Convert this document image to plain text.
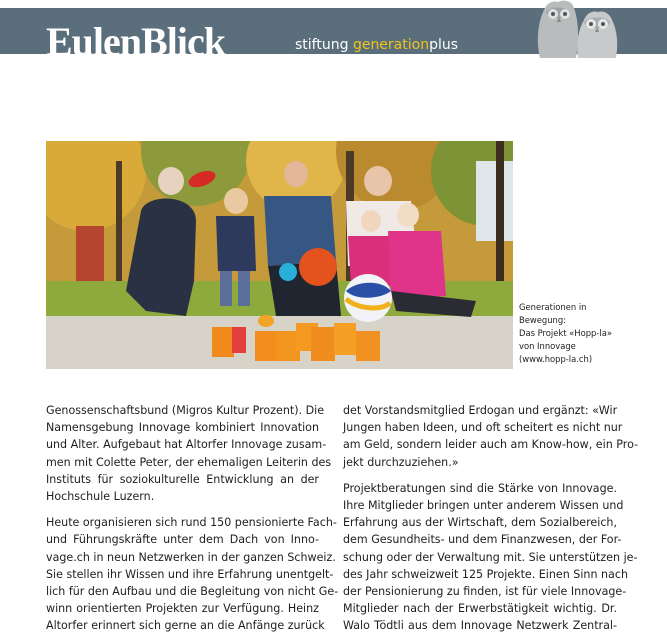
EulenBlick	stiftung generationplus
Generationen in
Bewegung:
Das Projekt «Hopp-la»
von Innovage
(www.hopp-la.ch)

Genossenschaftsbund (Migros Kultur Prozent). Die
Namensgebung Innovage kombiniert Innovation
und Alter. Aufgebaut hat Altorfer Innovage zusam-
men mit Colette Peter, der ehemaligen Leiterin des
Instituts für soziokulturelle Entwicklung an der
Hochschule Luzern.

Heute organisieren sich rund 150 pensionierte Fach-
und Führungskräfte unter dem Dach von Inno-
vage.ch in neun Netzwerken in der ganzen Schweiz.
Sie stellen ihr Wissen und ihre Erfahrung unentgelt-
lich für den Aufbau und die Begleitung von nicht Ge-
winn orientierten Projekten zur Verfügung. Heinz
Altorfer erinnert sich gerne an die Anfänge zurück

det Vorstandsmitglied Erdogan und ergänzt: «Wir
Jungen haben Ideen, und oft scheitert es nicht nur
am Geld, sondern leider auch am Know-how, ein Pro-
jekt durchzuziehen.»

Projektberatungen sind die Stärke von Innovage.
Ihre Mitglieder bringen unter anderem Wissen und
Erfahrung aus der Wirtschaft, dem Sozialbereich,
dem Gesundheits- und dem Finanzwesen, der For-
schung oder der Verwaltung mit. Sie unterstützen je-
des Jahr schweizweit 125 Projekte. Einen Sinn nach
der Pensionierung zu finden, ist für viele Innovage-
Mitglieder nach der Erwerbstätigkeit wichtig. Dr.
Walo Tödtli aus dem Innovage Netzwerk Zentral-
